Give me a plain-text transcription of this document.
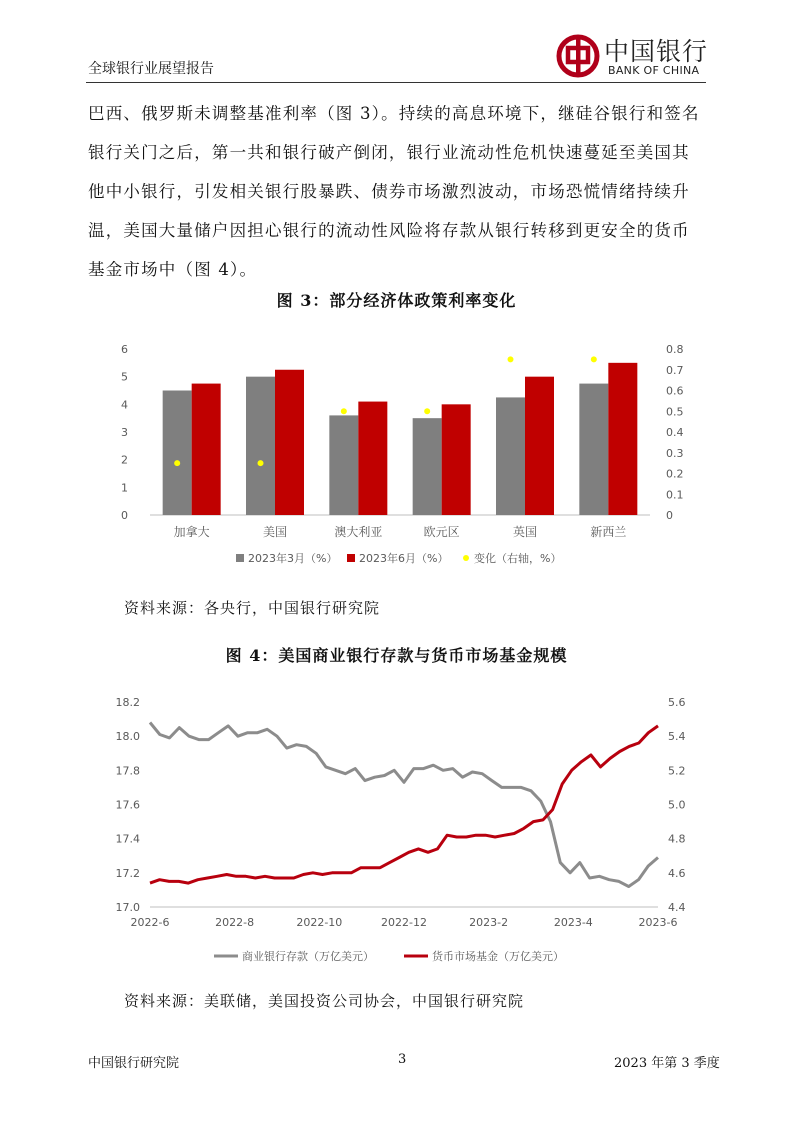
全球银行业展望报告
中国银行
BANK OF CHINA
巴西、俄罗斯未调整基准利率（图 3）。持续的高息环境下，继硅谷银行和签名
银行关门之后，第一共和银行破产倒闭，银行业流动性危机快速蔓延至美国其
他中小银行，引发相关银行股暴跌、债券市场激烈波动，市场恐慌情绪持续升
温，美国大量储户因担心银行的流动性风险将存款从银行转移到更安全的货币
基金市场中（图 4）。
图 3：部分经济体政策利率变化
0
1
2
3
4
5
6
0
0.1
0.2
0.3
0.4
0.5
0.6
0.7
0.8
加拿大	美国	澳大利亚	欧元区	英国	新西兰
2023年3月（%） 2023年6月（%） 变化（右轴，%）
资料来源：各央行，中国银行研究院
图 4：美国商业银行存款与货币市场基金规模
17.0
17.2
17.4
17.6
17.8
18.0
18.2
4.4
4.6
4.8
5.0
5.2
5.4
5.6
2022-6	2022-8	2022-10	2022-12	2023-2	2023-4	2023-6
商业银行存款（万亿美元）	货币市场基金（万亿美元）
资料来源：美联储，美国投资公司协会，中国银行研究院
中国银行研究院	3	2023 年第 3 季度
